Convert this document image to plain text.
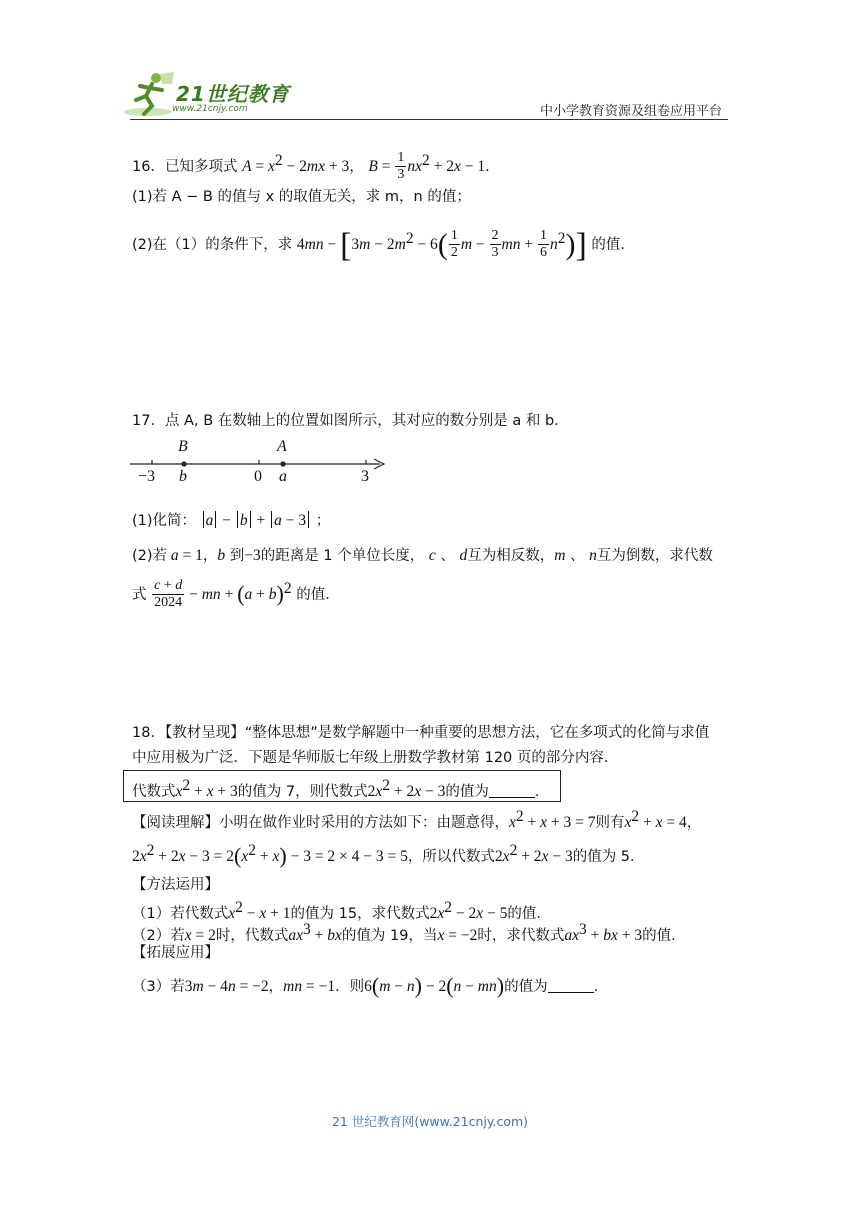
21世纪教育
www.21cnjy.com	中小学教育资源及组卷应用平台
16．已知多项式 $A = x^2 - 2mx + 3$， $B = \frac{1}{3} nx^2 + 2x - 1$．
(1)若 A − B 的值与 x 的取值无关，求 m，n 的值；
(2)在（1）的条件下，求 $4mn - [3m - 2m^2 - 6( \frac{1}{2}$ $m - \frac{2}{3}$ mn + $\frac{1}{6} n^2$)] 的值．
17．点 A, B 在数轴上的位置如图所示，其对应的数分别是 a 和 b．
B	A
−3 b	0 a	3
(1)化简： a − b + a − 3 ；
(2)若 a = 1，b 到−3的距离是 1 个单位长度， c 、 d互为相反数，m 、 n互为倒数，求代数
式 $\frac{c + d}{2024}$ − mn + $(a + b)^2$ 的值．
18．【教材呈现】“整体思想”是数学解题中一种重要的思想方法，它在多项式的化简与求值
中应用极为广泛．下题是华师版七年级上册数学教材第 120 页的部分内容．
代数式$x^2 + x + 3$的值为 7，则代数式$2x^2 + 2x - 3$的值为	．
【阅读理解】小明在做作业时采用的方法如下：由题意得，$x^2 + x + 3 = 7$则有$x^2 + x = 4$，
$2x^2 + 2x - 3 = 2(x^2 + x) - 3 = 2 \times 4 - 3 = 5$，所以代数式$2x^2 + 2x - 3$的值为 5．
【方法运用】
（1）若代数式$x^2 - x + 1$的值为 15，求代数式$2x^2 - 2x - 5$的值．
（2）若x = 2时，代数式$ax^3$ + bx的值为 19，当x = −2时，求代数式$ax^3$ + bx + 3的值．
【拓展应用】
（3）若3m − 4n = −2，mn = −1．则6(m − n) − 2(n − mn)的值为	．
21 世纪教育网(www.21cnjy.com)
